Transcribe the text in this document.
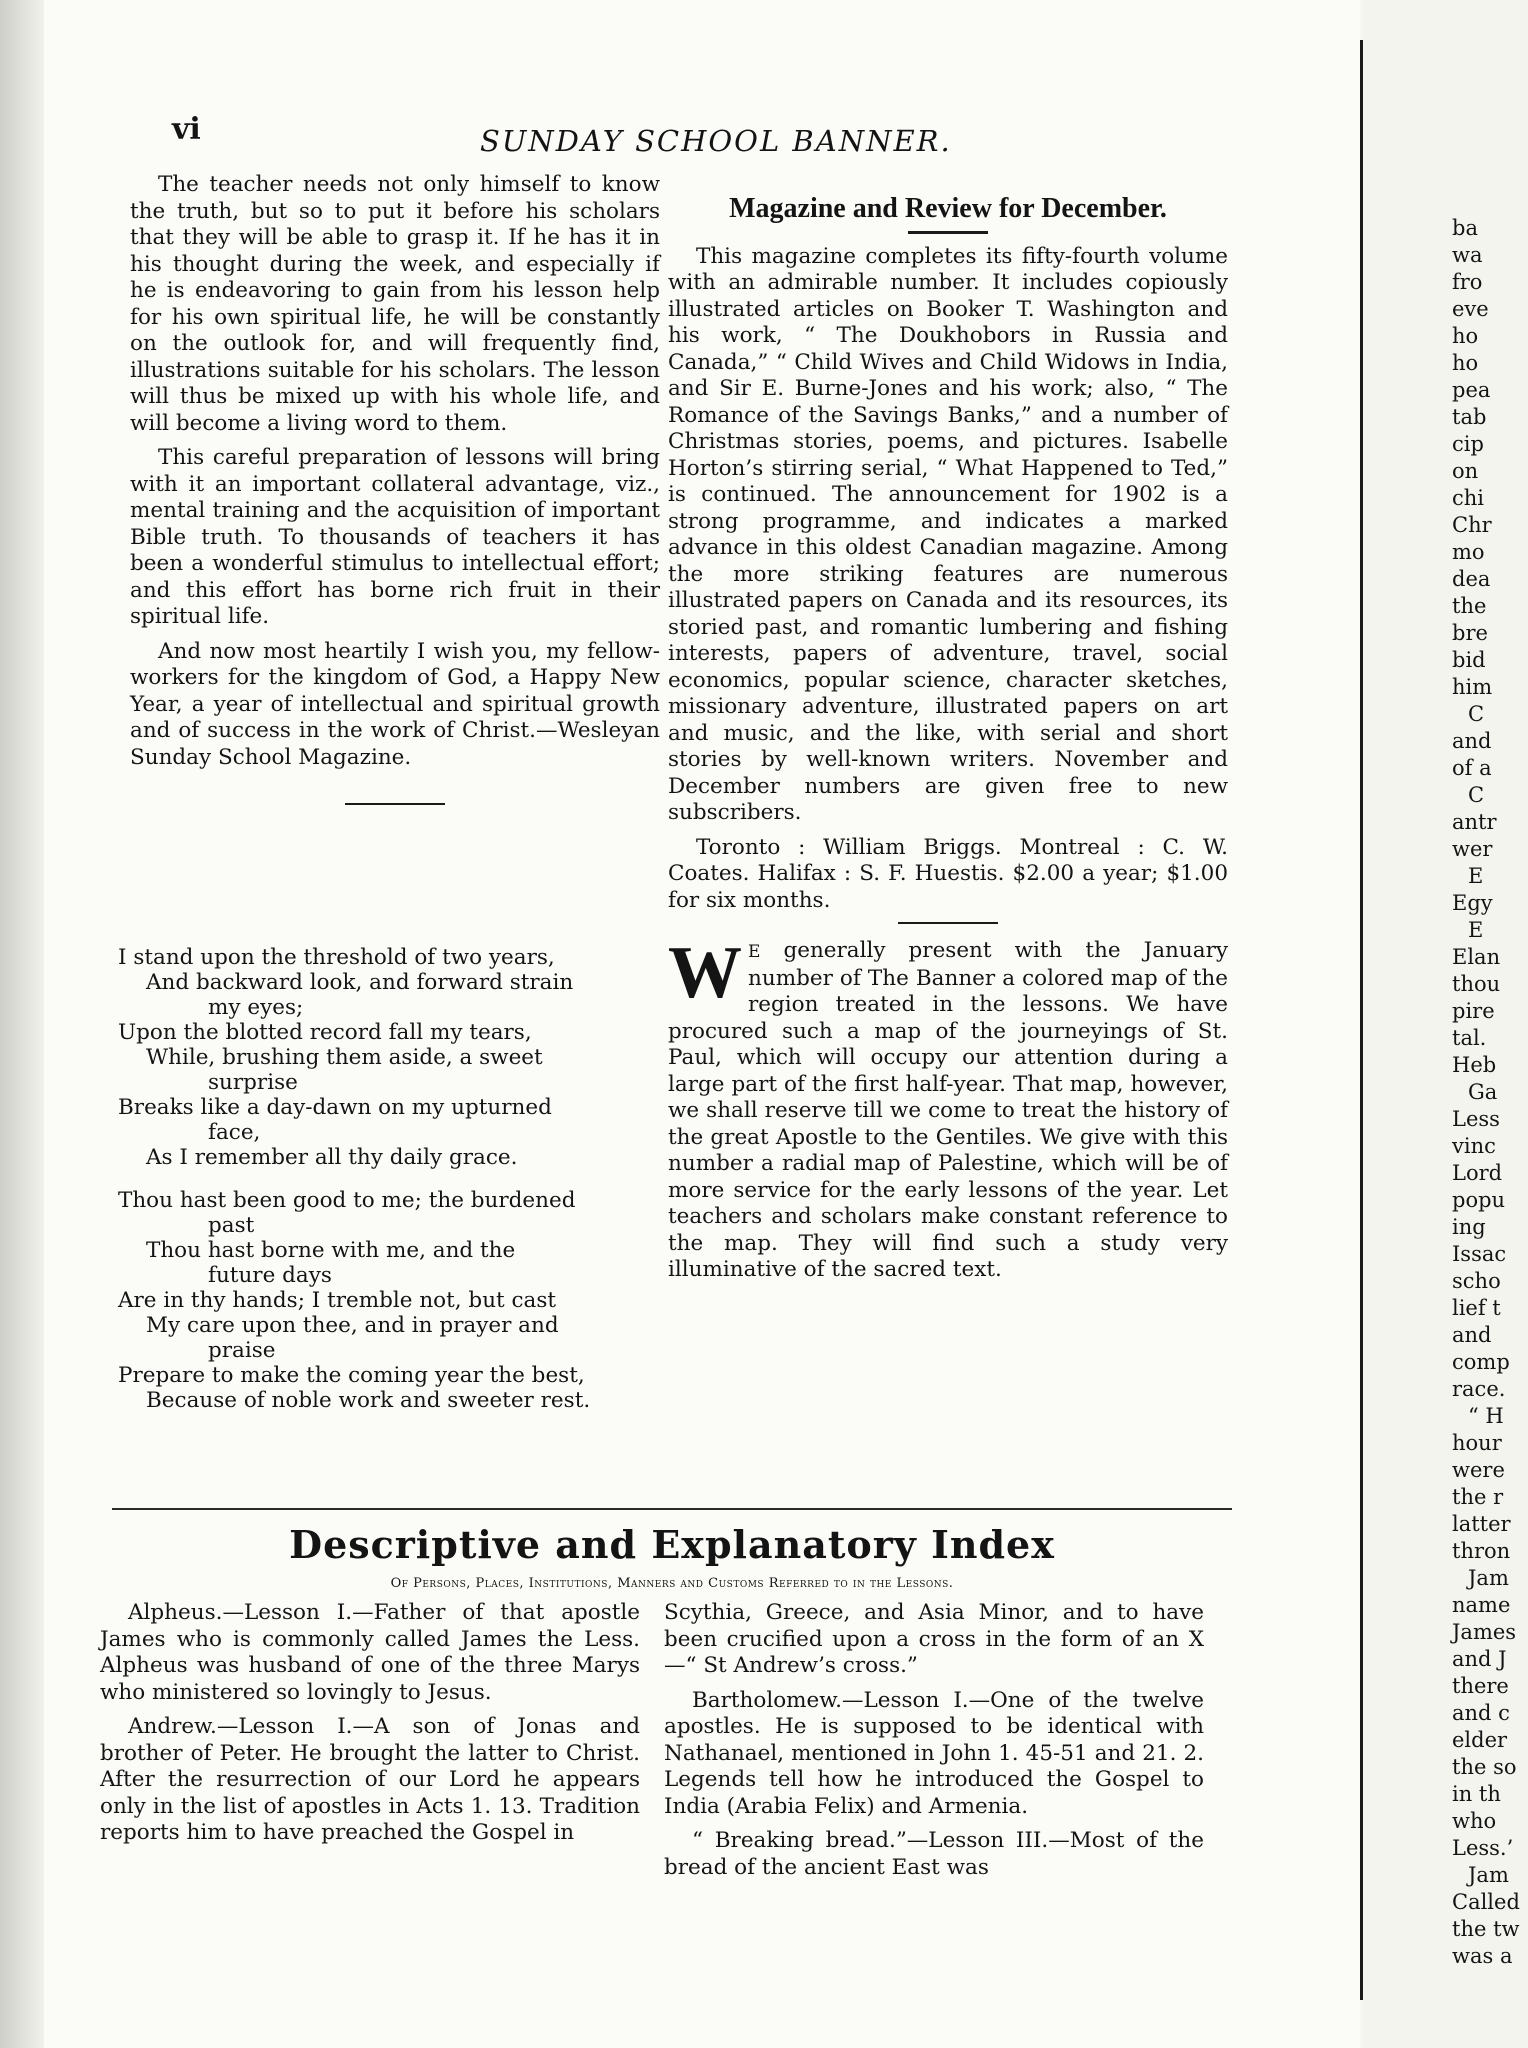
vi	SUNDAY SCHOOL BANNER.

The teacher needs not only himself to know the truth, but so to put it before his scholars that they will be able to grasp it. If he has it in his thought during the week, and especially if he is endeavoring to gain from his lesson help for his own spiritual life, he will be constantly on the outlook for, and will frequently find, illustrations suitable for his scholars. The lesson will thus be mixed up with his whole life, and will become a living word to them.

This careful preparation of lessons will bring with it an important collateral advantage, viz., mental training and the acquisition of important Bible truth. To thousands of teachers it has been a wonderful stimulus to intellectual effort; and this effort has borne rich fruit in their spiritual life.

And now most heartily I wish you, my fellow-workers for the kingdom of God, a Happy New Year, a year of intellectual and spiritual growth and of success in the work of Christ.—Wesleyan Sunday School Magazine.

I stand upon the threshold of two years,
And backward look, and forward strain
my eyes;
Upon the blotted record fall my tears,
While, brushing them aside, a sweet
surprise
Breaks like a day-dawn on my upturned
face,
As I remember all thy daily grace.
Thou hast been good to me; the burdened
past
Thou hast borne with me, and the
future days
Are in thy hands; I tremble not, but cast
My care upon thee, and in prayer and
praise
Prepare to make the coming year the best,
Because of noble work and sweeter rest.
Magazine and Review for December.

This magazine completes its fifty-fourth volume with an admirable number. It includes copiously illustrated articles on Booker T. Washington and his work, “ The Doukhobors in Russia and Canada,” “ Child Wives and Child Widows in India, and Sir E. Burne-Jones and his work; also, “ The Romance of the Savings Banks,” and a number of Christmas stories, poems, and pictures. Isabelle Horton’s stirring serial, “ What Happened to Ted,” is continued. The announcement for 1902 is a strong programme, and indicates a marked advance in this oldest Canadian magazine. Among the more striking features are numerous illustrated papers on Canada and its resources, its storied past, and romantic lumbering and fishing interests, papers of adventure, travel, social economics, popular science, character sketches, missionary adventure, illustrated papers on art and music, and the like, with serial and short stories by well-known writers. November and December numbers are given free to new subscribers.

Toronto : William Briggs. Montreal : C. W. Coates. Halifax : S. F. Huestis. $2.00 a year; $1.00 for six months.

W E generally present with the January number of The Banner a colored map of the region treated in the lessons. We have procured such a map of the journeyings of St. Paul, which will occupy our attention during a large part of the first half-year. That map, however, we shall reserve till we come to treat the history of the great Apostle to the Gentiles. We give with this number a radial map of Palestine, which will be of more service for the early lessons of the year. Let teachers and scholars make constant reference to the map. They will find such a study very illuminative of the sacred text.
Descriptive and Explanatory Index
Of Persons, Places, Institutions, Manners and Customs Referred to in the Lessons.

Alpheus.—Lesson I.—Father of that apostle James who is commonly called James the Less. Alpheus was husband of one of the three Marys who ministered so lovingly to Jesus.

Andrew.—Lesson I.—A son of Jonas and brother of Peter. He brought the latter to Christ. After the resurrection of our Lord he appears only in the list of apostles in Acts 1. 13. Tradition reports him to have preached the Gospel in

Scythia, Greece, and Asia Minor, and to have been crucified upon a cross in the form of an X—“ St Andrew’s cross.”

Bartholomew.—Lesson I.—One of the twelve apostles. He is supposed to be identical with Nathanael, mentioned in John 1. 45-51 and 21. 2. Legends tell how he introduced the Gospel to India (Arabia Felix) and Armenia.

“ Breaking bread.”—Lesson III.—Most of the bread of the ancient East was

ba
wa
fro
eve
ho
ho
pea
tab
cip
on
chi
Chr
mo
dea
the
bre
bid
him
C
and
of a
C
antr
wer
E
Egy
E
Elan
thou
pire
tal.
Heb
Ga
Less
vinc
Lord
popu
ing
Issac
scho
lief t
and
comp
race.
“ H
hour
were
the r
latter
thron
Jam
name
James
and J
there
and c
elder
the so
in th
who
Less.’
Jam
Called
the tw
was a
